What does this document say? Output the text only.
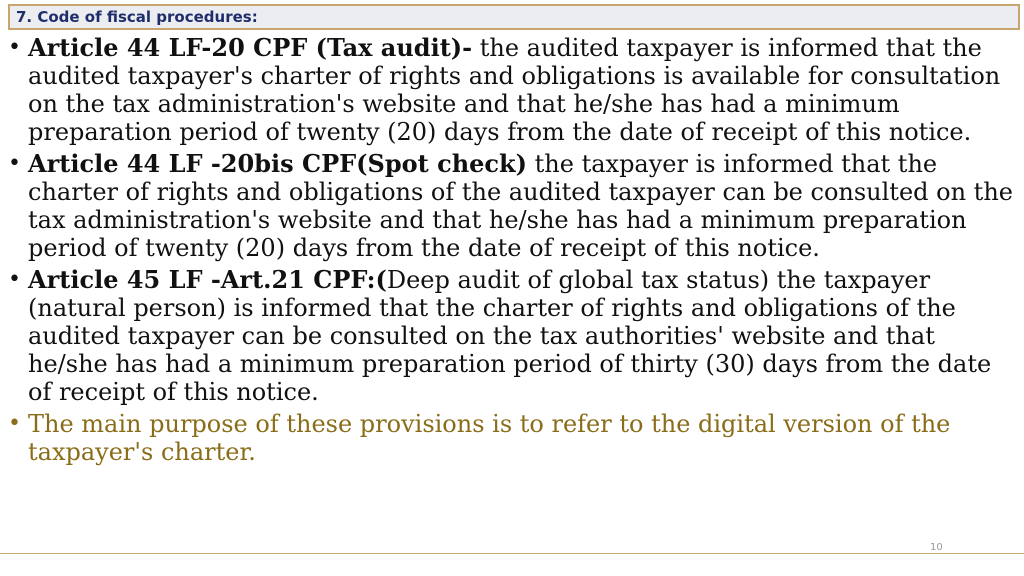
7. Code of fiscal procedures:
• Article 44 LF-20 CPF (Tax audit)- the audited taxpayer is informed that the audited taxpayer's charter of rights and obligations is available for consultation on the tax administration's website and that he/she has had a minimum preparation period of twenty (20) days from the date of receipt of this notice.
• Article 44 LF -20bis CPF(Spot check) the taxpayer is informed that the charter of rights and obligations of the audited taxpayer can be consulted on the tax administration's website and that he/she has had a minimum preparation period of twenty (20) days from the date of receipt of this notice.
• Article 45 LF -Art.21 CPF:(Deep audit of global tax status) the taxpayer (natural person) is informed that the charter of rights and obligations of the audited taxpayer can be consulted on the tax authorities' website and that he/she has had a minimum preparation period of thirty (30) days from the date of receipt of this notice.
• The main purpose of these provisions is to refer to the digital version of the taxpayer's charter.
10
